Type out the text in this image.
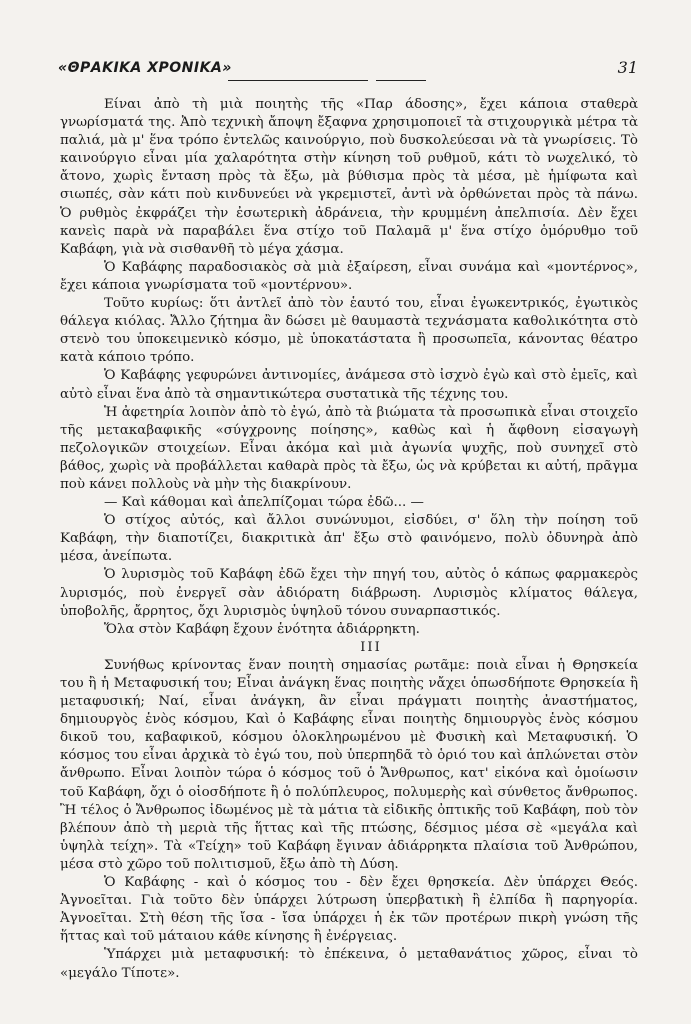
«ΘΡΑΚΙΚΑ ΧΡΟΝΙΚΑ»	31

Είναι ἀπὸ τὴ μιὰ ποιητὴς τῆς «Παρ άδοσης», ἔχει κάποια σταθερὰ γνωρίσματά της. Ἀπὸ τεχνικὴ ἄποψη ἔξαφνα χρησιμοποιεῖ τὰ στιχουργικὰ μέτρα τὰ παλιά, μὰ μ' ἕνα τρόπο ἐντελῶς καινούργιο, ποὺ δυσκολεύεσαι νὰ τὰ γνωρίσεις. Τὸ καινούργιο εἶναι μία χαλαρότητα στὴν κίνηση τοῦ ρυθμοῦ, κάτι τὸ νωχελικό, τὸ ἄτονο, χωρὶς ἔνταση πρὸς τὰ ἔξω, μὰ βύθισμα πρὸς τὰ μέσα, μὲ ἡμίφωτα καὶ σιωπές, σὰν κάτι ποὺ κινδυνεύει νὰ γκρεμιστεῖ, ἀντὶ νὰ ὀρθώνεται πρὸς τὰ πάνω. Ὁ ρυθμὸς ἐκφράζει τὴν ἐσωτερικὴ ἀδράνεια, τὴν κρυμμένη ἀπελπισία. Δὲν ἔχει κανεὶς παρὰ νὰ παραβάλει ἕνα στίχο τοῦ Παλαμᾶ μ' ἕνα στίχο ὁμόρυθμο τοῦ Καβάφη, γιὰ νὰ σισθανθῆ τὸ μέγα χάσμα.

Ὁ Καβάφης παραδοσιακὸς σὰ μιὰ ἐξαίρεση, εἶναι συνάμα καὶ «μοντέρνος», ἔχει κάποια γνωρίσματα τοῦ «μοντέρνου».

Τοῦτο κυρίως: ὅτι ἀντλεῖ ἀπὸ τὸν ἑαυτό του, εἶναι ἐγωκεντρικός, ἐγωτικὸς θάλεγα κιόλας. Ἄλλο ζήτημα ἂν δώσει μὲ θαυμαστὰ τεχνάσματα καθολικότητα στὸ στενὸ του ὑποκειμενικὸ κόσμο, μὲ ὑποκατάστατα ἢ προσωπεῖα, κάνοντας θέατρο κατὰ κάποιο τρόπο.

Ὁ Καβάφης γεφυρώνει ἀντινομίες, ἀνάμεσα στὸ ἰσχνὸ ἐγὼ καὶ στὸ ἐμεῖς, καὶ αὐτὸ εἶναι ἕνα ἀπὸ τὰ σημαντικώτερα συστατικὰ τῆς τέχνης του.

Ἡ ἀφετηρία λοιπὸν ἀπὸ τὸ ἐγώ, ἀπὸ τὰ βιώματα τὰ προσωπικὰ εἶναι στοιχεῖο τῆς μετακαβαφικῆς «σύγχρονης ποίησης», καθὼς καὶ ἡ ἄφθονη εἰσαγωγὴ πεζολογικῶν στοιχείων. Εἶναι ἀκόμα καὶ μιὰ ἀγωνία ψυχῆς, ποὺ συνηχεῖ στὸ βάθος, χωρὶς νὰ προβάλλεται καθαρὰ πρὸς τὰ ἔξω, ὡς νὰ κρύβεται κι αὐτή, πρᾶγμα ποὺ κάνει πολλοὺς νὰ μὴν τὴς διακρίνουν.

— Καὶ κάθομαι καὶ ἀπελπίζομαι τώρα ἐδῶ... —

Ὁ στίχος αὐτός, καὶ ἄλλοι συνώνυμοι, εἰσδύει, σ' ὅλη τὴν ποίηση τοῦ Καβάφη, τὴν διαποτίζει, διακριτικὰ ἀπ' ἔξω στὸ φαινόμενο, πολὺ ὀδυνηρὰ ἀπὸ μέσα, ἀνείπωτα.

Ὁ λυρισμὸς τοῦ Καβάφη ἐδῶ ἔχει τὴν πηγή του, αὐτὸς ὁ κάπως φαρμακερὸς λυρισμός, ποὺ ἐνεργεῖ σὰν ἀδιόρατη διάβρωση. Λυρισμὸς κλίματος θάλεγα, ὑποβολῆς, ἄρρητος, ὄχι λυρισμὸς ὑψηλοῦ τόνου συναρπαστικός.

Ὅλα στὸν Καβάφη ἔχουν ἑνότητα ἀδιάρρηκτη.

III

Συνήθως κρίνοντας ἕναν ποιητὴ σημασίας ρωτᾶμε: ποιὰ εἶναι ἡ Θρησκεία του ἢ ἡ Μεταφυσική του; Εἶναι ἀνάγκη ἕνας ποιητὴς νἄχει ὁπωσδήποτε Θρησκεία ἢ μεταφυσική; Ναί, εἶναι ἀνάγκη, ἂν εἶναι πράγματι ποιητὴς ἀναστήματος, δημιουργὸς ἑνὸς κόσμου, Καὶ ὁ Καβάφης εἶναι ποιητὴς δημιουργὸς ἑνὸς κόσμου δικοῦ του, καβαφικοῦ, κόσμου ὁλοκληρωμένου μὲ Φυσικὴ καὶ Μεταφυσική. Ὁ κόσμος του εἶναι ἀρχικὰ τὸ ἐγώ του, ποὺ ὑπερπηδᾶ τὸ ὁριό του καὶ ἁπλώνεται στὸν ἄνθρωπο. Εἶναι λοιπὸν τώρα ὁ κόσμος τοῦ ὁ Ἄνθρωπος, κατ' εἰκόνα καὶ ὁμοίωσιν τοῦ Καβάφη, ὄχι ὁ οἱοσδήποτε ἢ ὁ πολύπλευρος, πολυμερὴς καὶ σύνθετος ἄνθρωπος. Ἢ τέλος ὁ Ἄνθρωπος ἰδωμένος μὲ τὰ μάτια τὰ εἰδικῆς ὀπτικῆς τοῦ Καβάφη, ποὺ τὸν βλέπουν ἀπὸ τὴ μεριὰ τῆς ἥττας καὶ τῆς πτώσης, δέσμιος μέσα σὲ «μεγάλα καὶ ὑψηλὰ τείχη». Τὰ «Τείχη» τοῦ Καβάφη ἔγιναν ἀδιάρρηκτα πλαίσια τοῦ Ἀνθρώπου, μέσα στὸ χῶρο τοῦ πολιτισμοῦ, ἔξω ἀπὸ τὴ Δύση.

Ὁ Καβάφης - καὶ ὁ κόσμος του - δὲν ἔχει θρησκεία. Δὲν ὑπάρχει Θεός. Ἀγνοεῖται. Γιὰ τοῦτο δὲν ὑπάρχει λύτρωση ὑπερβατικὴ ἢ ἐλπίδα ἢ παρηγορία. Ἀγνοεῖται. Στὴ θέση τῆς ἴσα - ἴσα ὑπάρχει ἡ ἐκ τῶν προτέρων πικρὴ γνώση τῆς ἥττας καὶ τοῦ μάταιου κάθε κίνησης ἢ ἐνέργειας.

Ὑπάρχει μιὰ μεταφυσική: τὸ ἐπέκεινα, ὁ μεταθανάτιος χῶρος, εἶναι τὸ «μεγάλο Τίποτε».
